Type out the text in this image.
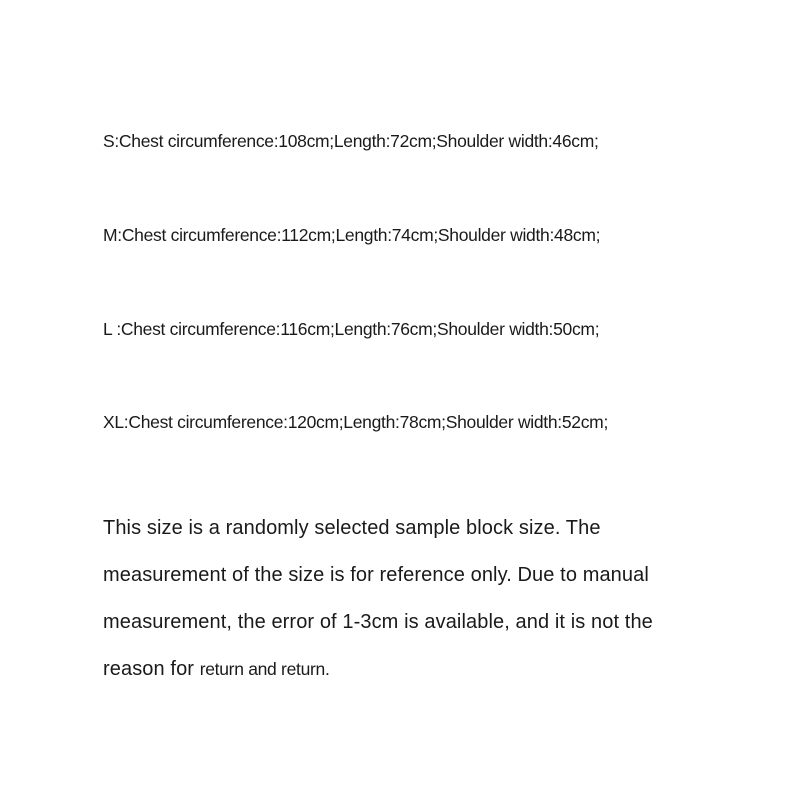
S:Chest circumference:108cm;Length:72cm;Shoulder width:46cm;
M:Chest circumference:112cm;Length:74cm;Shoulder width:48cm;
L :Chest circumference:116cm;Length:76cm;Shoulder width:50cm;
XL:Chest circumference:120cm;Length:78cm;Shoulder width:52cm;
This size is a randomly selected sample block size. The
measurement of the size is for reference only. Due to manual
measurement, the error of 1-3cm is available, and it is not the
reason for return and return.
